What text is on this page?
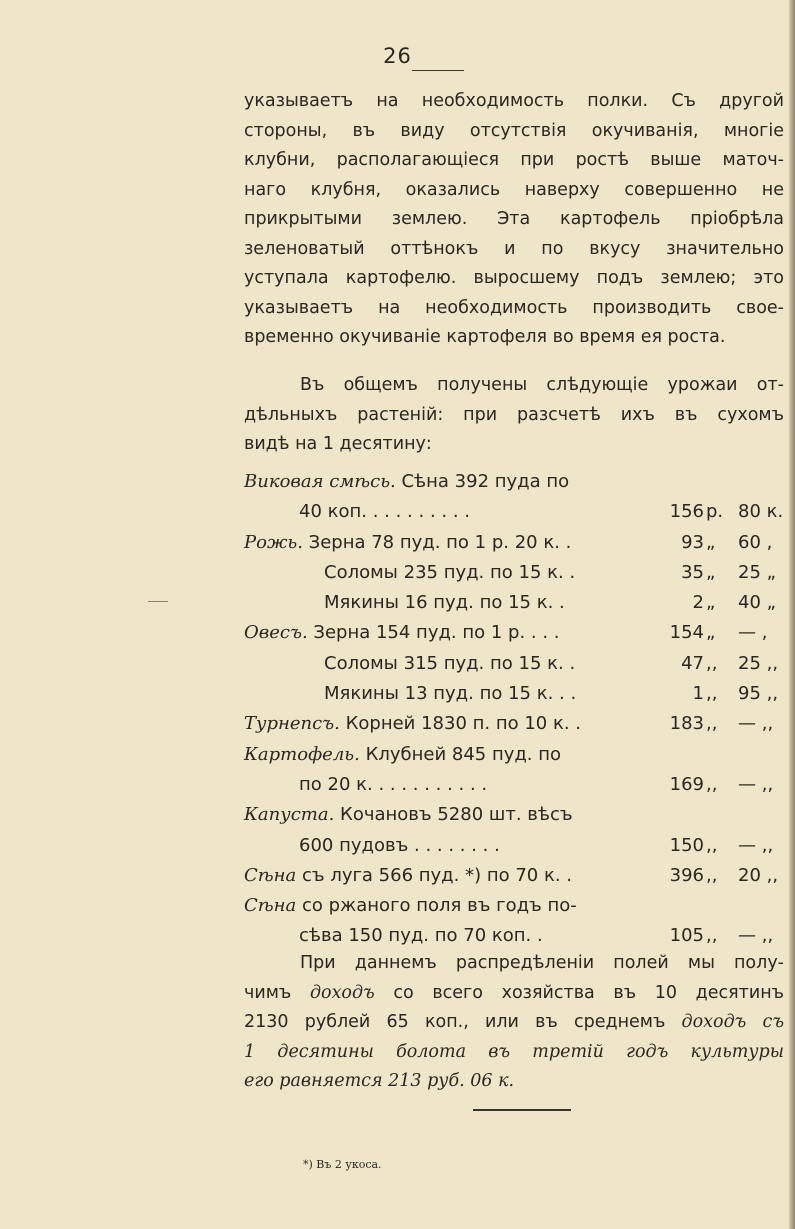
26
указываетъ на необходимость полки. Съ другой
стороны, въ виду отсутствія окучиванія, многіе
клубни, располагающіеся при ростѣ выше маточ-
наго клубня, оказались наверху совершенно не
прикрытыми землею. Эта картофель пріобрѣла
зеленоватый оттѣнокъ и по вкусу значительно
уступала картофелю. выросшему подъ землею; это
указываетъ на необходимость производить свое-
временно окучиваніе картофеля во время ея роста.
Въ общемъ получены слѣдующіе урожаи от-
дѣльныхъ растеній: при разсчетѣ ихъ въ сухомъ
видѣ на 1 десятину:
Виковая смѣсь. Сѣна 392 пуда по
40 коп. . . . . . . . . .	156 р. 80 к.
Рожь. Зерна 78 пуд. по 1 р. 20 к. .	93 „	60 ,
Соломы 235 пуд. по 15 к. .	35 „	25 „
Мякины 16 пуд. по 15 к. .	2 „	40 „
Овесъ. Зерна 154 пуд. по 1 р. . . .	154 „	— ,
Соломы 315 пуд. по 15 к. .	47 ,,	25 ,,
Мякины 13 пуд. по 15 к. . .	1 ,,	95 ,,
Турнепсъ. Корней 1830 п. по 10 к. .	183 ,,	— ,,
Картофель. Клубней 845 пуд. по
по 20 к. . . . . . . . . . .	169 ,,	— ,,
Капуста. Кочановъ 5280 шт. вѣсъ
600 пудовъ . . . . . . . .	150 ,,	— ,,
Сѣна съ луга 566 пуд. *) по 70 к. .	396 ,,	20 ,,
Сѣна со ржаного поля въ годъ по-
сѣва 150 пуд. по 70 коп. .	105 ,,	— ,,
При даннемъ распредѣленіи полей мы полу-
чимъ доходъ со всего хозяйства въ 10 десятинъ
2130 рублей 65 коп., или въ среднемъ доходъ съ
1 десятины болота въ третій годъ культуры
его равняется 213 руб. 06 к.
*) Въ 2 укоса.
